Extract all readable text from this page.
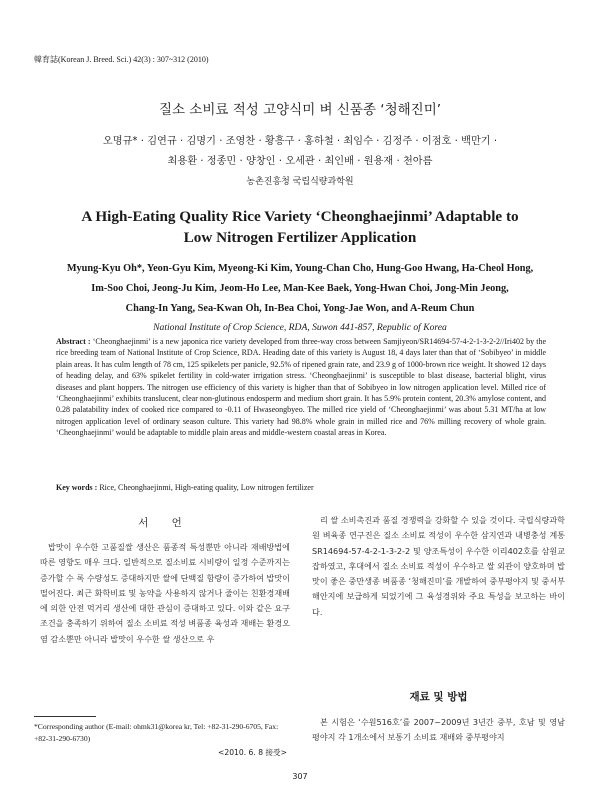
韓育誌(Korean J. Breed. Sci.) 42(3) : 307~312 (2010)
질소 소비료 적성 고양식미 벼 신품종 ‘청해진미’
오명규* · 김연규 · 김명기 · 조영찬 · 황흥구 · 홍하철 · 최임수 · 김정주 · 이점호 · 백만기 ·
최용환 · 정종민 · 양창인 · 오세관 · 최인배 · 원용재 · 천아름
농촌진흥청 국립식량과학원
A High-Eating Quality Rice Variety ‘Cheonghaejinmi’ Adaptable to
Low Nitrogen Fertilizer Application
Myung-Kyu Oh*, Yeon-Gyu Kim, Myeong-Ki Kim, Young-Chan Cho, Hung-Goo Hwang, Ha-Cheol Hong,
Im-Soo Choi, Jeong-Ju Kim, Jeom-Ho Lee, Man-Kee Baek, Yong-Hwan Choi, Jong-Min Jeong,
Chang-In Yang, Sea-Kwan Oh, In-Bea Choi, Yong-Jae Won, and A-Reum Chun
National Institute of Crop Science, RDA, Suwon 441-857, Republic of Korea
Abstract : ‘Cheonghaejinmi’ is a new japonica rice variety developed from three-way cross between Samjiyeon/SR14694-57-4-2-1-3-2-2//Iri402 by the rice breeding team of National Institute of Crop Science, RDA. Heading date of this variety is August 18, 4 days later than that of ‘Sobibyeo’ in middle plain areas. It has culm length of 78 cm, 125 spikelets per panicle, 92.5% of ripened grain rate, and 23.9 g of 1000-brown rice weight. It showed 12 days of heading delay, and 63% spikelet fertility in cold-water irrigation stress. ‘Cheonghaejinmi’ is susceptible to blast disease, bacterial blight, virus diseases and plant hoppers. The nitrogen use efficiency of this variety is higher than that of Sobibyeo in low nitrogen application level. Milled rice of ‘Cheonghaejinmi’ exhibits translucent, clear non-glutinous endosperm and medium short grain. It has 5.9% protein content, 20.3% amylose content, and 0.28 palatability index of cooked rice compared to -0.11 of Hwaseongbyeo. The milled rice yield of ‘Cheonghaejinmi’ was about 5.31 MT/ha at low nitrogen application level of ordinary season culture. This variety had 98.8% whole grain in milled rice and 76% milling recovery of whole grain. ‘Cheonghaejinmi’ would be adaptable to middle plain areas and middle-western coastal areas in Korea.
Key words : Rice, Cheonghaejinmi, High-eating quality, Low nitrogen fertilizer
서 언

밥맛이 우수한 고품질쌀 생산은 품종적 특성뿐만 아니라 재배방법에 따른 영향도 매우 크다. 일반적으로 질소비료 시비량이 일정 수준까지는 증가할 수 록 수량성도 증대하지만 쌀에 단백질 함량이 증가하여 밥맛이 떨어진다. 최근 화학비료 및 농약을 사용하지 않거나 줄이는 친환경재배에 의한 안전 먹거리 생산에 대한 관심이 증대하고 있다. 이와 같은 요구조건을 충족하기 위하여 질소 소비료 적성 벼품종 육성과 재배는 환경오염 감소뿐만 아니라 밥맛이 우수한 쌀 생산으로 우

리 쌀 소비촉진과 품질 경쟁력을 강화할 수 있을 것이다. 국립식량과학원 벼육종 연구진은 질소 소비료 적성이 우수한 삼지연과 내병충성 계통 SR14694-57-4-2-1-3-2-2 및 양조특성이 우수한 이리402호를 삼원교잡하였고, 후대에서 질소 소비료 적성이 우수하고 쌀 외관이 양호하며 밥맛이 좋은 중만생종 벼품종 ‘청해진미’를 개발하여 중부평야지 및 중서부해안지에 보급하게 되었기에 그 육성경위와 주요 특성을 보고하는 바이다.

재료 및 방법

본 시험은 ‘수원516호’를 2007~2009년 3년간 중부, 호남 및 영남 평야지 각 1개소에서 보통기 소비료 재배와 중부평야지

*Corresponding author (E-mail: ohmk31@korea kr, Tel: +82-31-290-6705, Fax: +82-31-290-6730)
<2010. 6. 8 接受>
307
